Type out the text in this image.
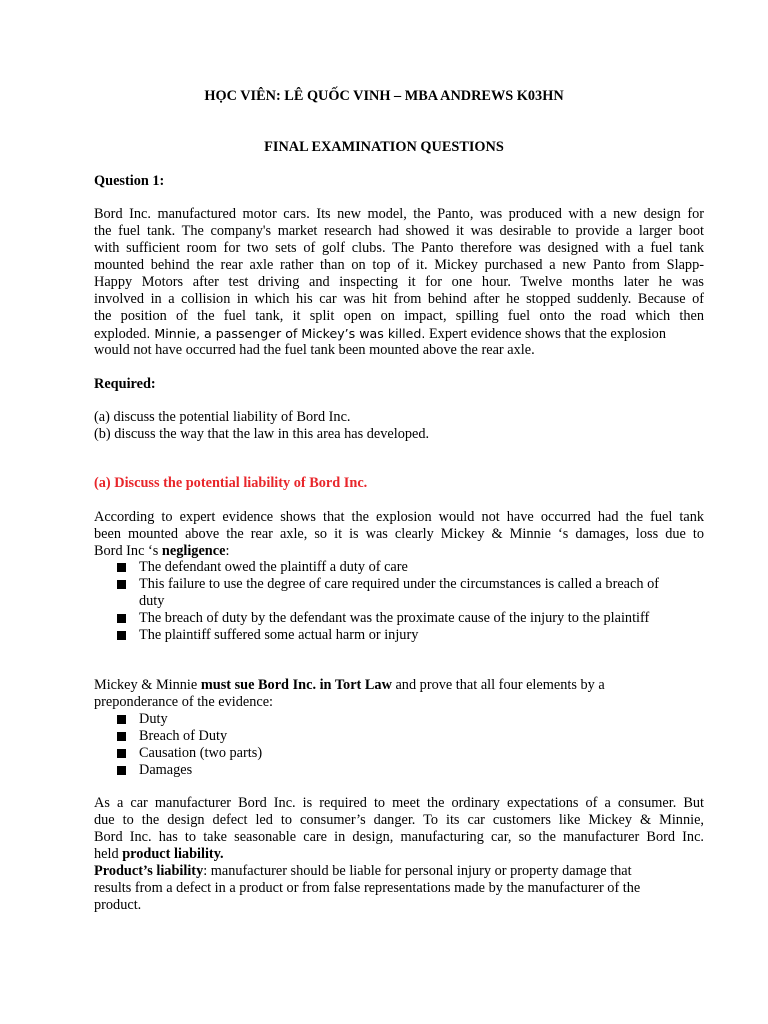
HỌC VIÊN: LÊ QUỐC VINH – MBA ANDREWS K03HN
FINAL EXAMINATION QUESTIONS
Question 1:
Bord Inc. manufactured motor cars. Its new model, the Panto, was produced with a new design for
the fuel tank. The company's market research had showed it was desirable to provide a larger boot
with sufficient room for two sets of golf clubs. The Panto therefore was designed with a fuel tank
mounted behind the rear axle rather than on top of it. Mickey purchased a new Panto from Slapp-
Happy Motors after test driving and inspecting it for one hour. Twelve months later he was
involved in a collision in which his car was hit from behind after he stopped suddenly. Because of
the position of the fuel tank, it split open on impact, spilling fuel onto the road which then
exploded. Minnie, a passenger of Mickey’s was killed. Expert evidence shows that the explosion
would not have occurred had the fuel tank been mounted above the rear axle.
Required:
(a) discuss the potential liability of Bord Inc.
(b) discuss the way that the law in this area has developed.
(a) Discuss the potential liability of Bord Inc.
According to expert evidence shows that the explosion would not have occurred had the fuel tank
been mounted above the rear axle, so it is was clearly Mickey & Minnie ‘s damages, loss due to
Bord Inc ‘s negligence:
The defendant owed the plaintiff a duty of care
This failure to use the degree of care required under the circumstances is called a breach of
duty
The breach of duty by the defendant was the proximate cause of the injury to the plaintiff
The plaintiff suffered some actual harm or injury
Mickey & Minnie must sue Bord Inc. in Tort Law and prove that all four elements by a
preponderance of the evidence:
Duty
Breach of Duty
Causation (two parts)
Damages
As a car manufacturer Bord Inc. is required to meet the ordinary expectations of a consumer. But
due to the design defect led to consumer’s danger. To its car customers like Mickey & Minnie,
Bord Inc. has to take seasonable care in design, manufacturing car, so the manufacturer Bord Inc.
held product liability.
Product’s liability: manufacturer should be liable for personal injury or property damage that
results from a defect in a product or from false representations made by the manufacturer of the
product.
